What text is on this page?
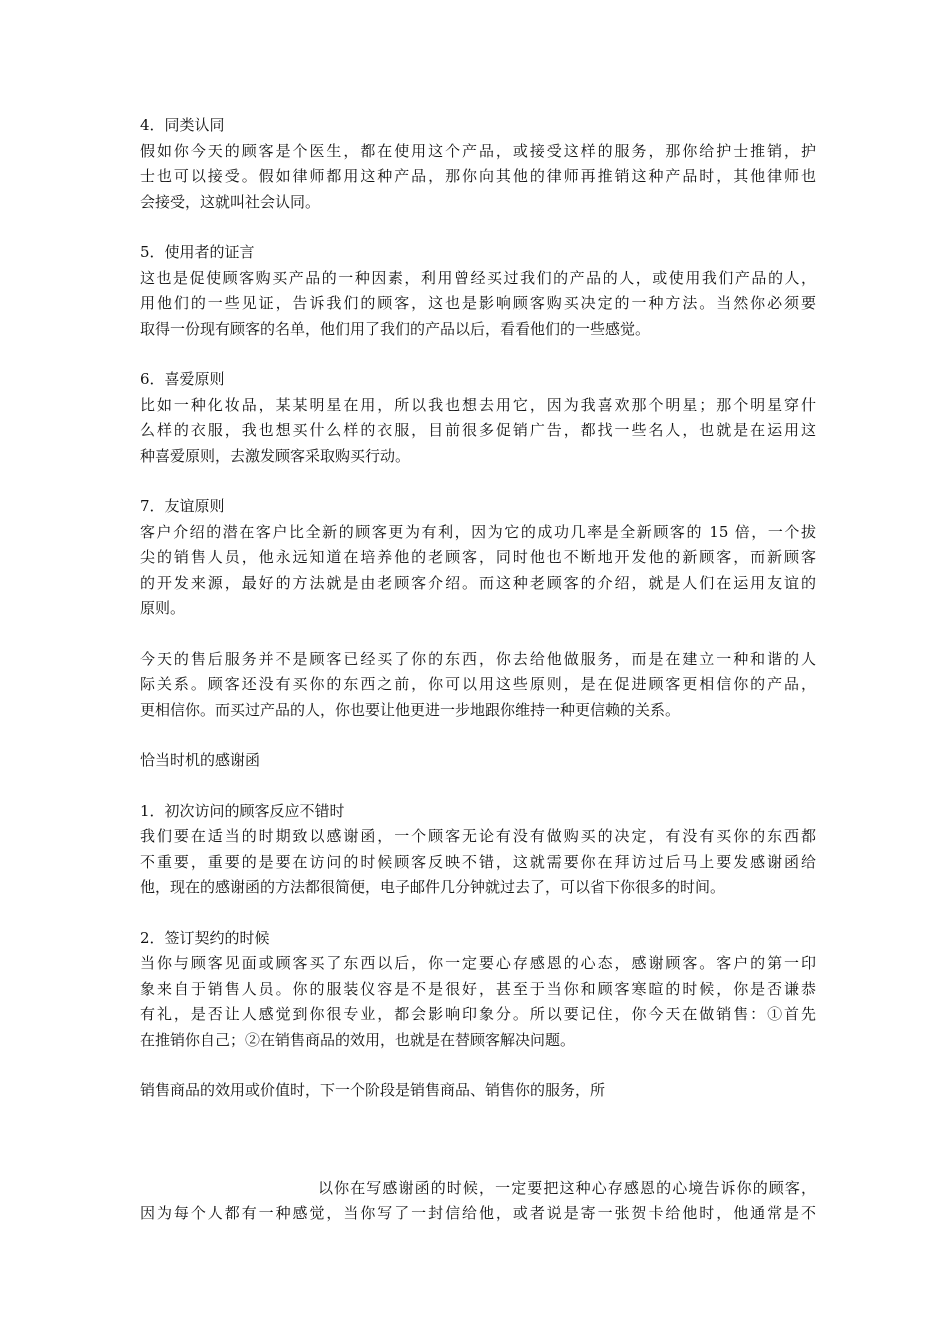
4．同类认同
假如你今天的顾客是个医生，都在使用这个产品，或接受这样的服务，那你给护士推销，护
士也可以接受。假如律师都用这种产品，那你向其他的律师再推销这种产品时，其他律师也
会接受，这就叫社会认同。
5．使用者的证言
这也是促使顾客购买产品的一种因素，利用曾经买过我们的产品的人，或使用我们产品的人，
用他们的一些见证，告诉我们的顾客，这也是影响顾客购买决定的一种方法。当然你必须要
取得一份现有顾客的名单，他们用了我们的产品以后，看看他们的一些感觉。
6．喜爱原则
比如一种化妆品，某某明星在用，所以我也想去用它，因为我喜欢那个明星；那个明星穿什
么样的衣服，我也想买什么样的衣服，目前很多促销广告，都找一些名人，也就是在运用这
种喜爱原则，去激发顾客采取购买行动。
7．友谊原则
客户介绍的潜在客户比全新的顾客更为有利，因为它的成功几率是全新顾客的 15 倍，一个拔
尖的销售人员，他永远知道在培养他的老顾客，同时他也不断地开发他的新顾客，而新顾客
的开发来源，最好的方法就是由老顾客介绍。而这种老顾客的介绍，就是人们在运用友谊的
原则。
今天的售后服务并不是顾客已经买了你的东西，你去给他做服务，而是在建立一种和谐的人
际关系。顾客还没有买你的东西之前，你可以用这些原则，是在促进顾客更相信你的产品，
更相信你。而买过产品的人，你也要让他更进一步地跟你维持一种更信赖的关系。
恰当时机的感谢函
1．初次访问的顾客反应不错时
我们要在适当的时期致以感谢函，一个顾客无论有没有做购买的决定，有没有买你的东西都
不重要，重要的是要在访问的时候顾客反映不错，这就需要你在拜访过后马上要发感谢函给
他，现在的感谢函的方法都很简便，电子邮件几分钟就过去了，可以省下你很多的时间。
2．签订契约的时候
当你与顾客见面或顾客买了东西以后，你一定要心存感恩的心态，感谢顾客。客户的第一印
象来自于销售人员。你的服装仪容是不是很好，甚至于当你和顾客寒暄的时候，你是否谦恭
有礼，是否让人感觉到你很专业，都会影响印象分。所以要记住，你今天在做销售：①首先
在推销你自己；②在销售商品的效用，也就是在替顾客解决问题。
销售商品的效用或价值时，下一个阶段是销售商品、销售你的服务，所
以你在写感谢函的时候，一定要把这种心存感恩的心境告诉你的顾客，
因为每个人都有一种感觉，当你写了一封信给他，或者说是寄一张贺卡给他时，他通常是不
